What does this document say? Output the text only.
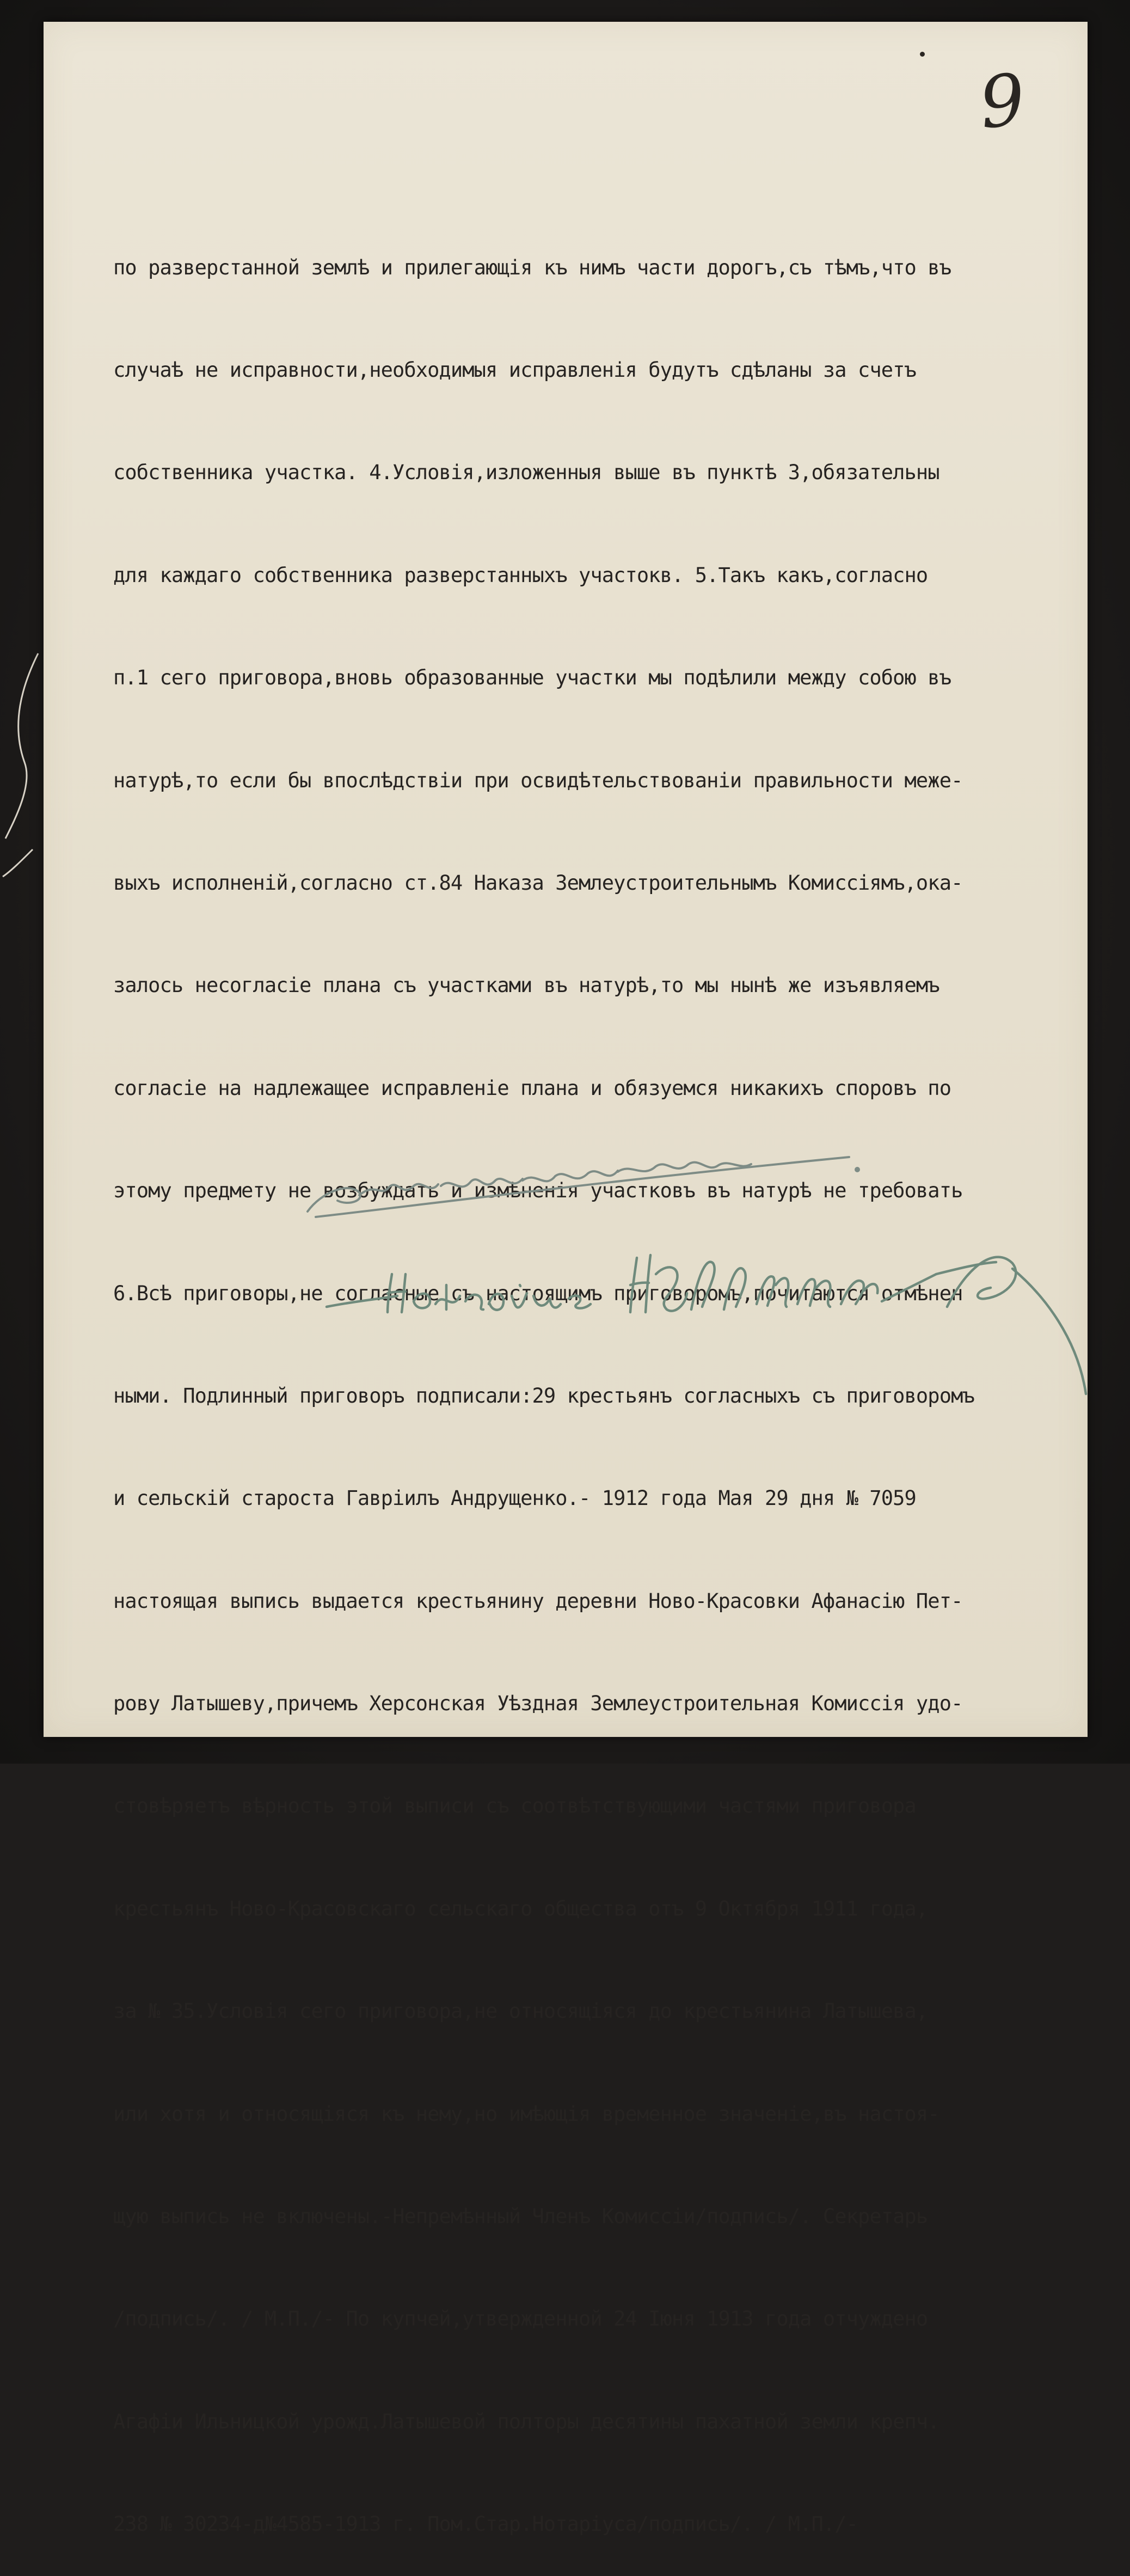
9

по разверстанной землѣ и прилегающія къ нимъ части дорогъ,съ тѣмъ,что въ

случаѣ не исправности,необходимыя исправленія будутъ сдѣланы за счетъ

собственника участка. 4.Условія,изложенныя выше въ пунктѣ 3,обязательны

для каждаго собственника разверстанныхъ участокв. 5.Такъ какъ,согласно

п.1 сего приговора,вновь образованные участки мы подѣлили между собою въ

натурѣ,то если бы впослѣдствіи при освидѣтельствованіи правильности меже-

выхъ исполненій,согласно ст.84 Наказа Землеустроительнымъ Комиссіямъ,ока-

залось несогласіе плана съ участками въ натурѣ,то мы нынѣ же изъявляемъ

согласіе на надлежащее исправленіе плана и обязуемся никакихъ споровъ по

этому предмету не возбуждать и измѣненія участковъ въ натурѣ не требовать

6.Всѣ приговоры,не согласные съ настоящимъ приговоромъ,почитаются отмѣнен

ными. Подлинный приговоръ подписали:29 крестьянъ согласныхъ съ приговоромъ

и сельскій староста Гавріилъ Андрущенко.- 1912 года Мая 29 дня № 7059

настоящая выпись выдается крестьянину деревни Ново-Красовки Афанасію Пет-

рову Латышеву,причемъ Херсонская Уѣздная Землеустроительная Комиссія удо-

стовѣряетъ вѣрность этой выписи съ соотвѣтствующими частями приговора

крестьянъ Ново-Красовскаго сельскаго общества отъ 9 Октября 1911 года,

за № 35.Условія сего приговора,не относящіяся до крестьянина Латышева,

или хотя и относящіяся къ нему,но имѣющія временное значеніе,въ настоя-

щую выпись не включены.-Непремѣнный Членъ Комиссіи/подпись/. Секретарь

/подпись/. / М.П./- По купчей,утвержденной 24 Іюня 1913 года отчуждено

Агафіи Ильницкой урожд.Латышевой полторы десятины пахатной земли крепч.

238 № 30234-д№4585-1913 г. Пом.Стар.Нотаріуса/подпись/. / М.П./-
